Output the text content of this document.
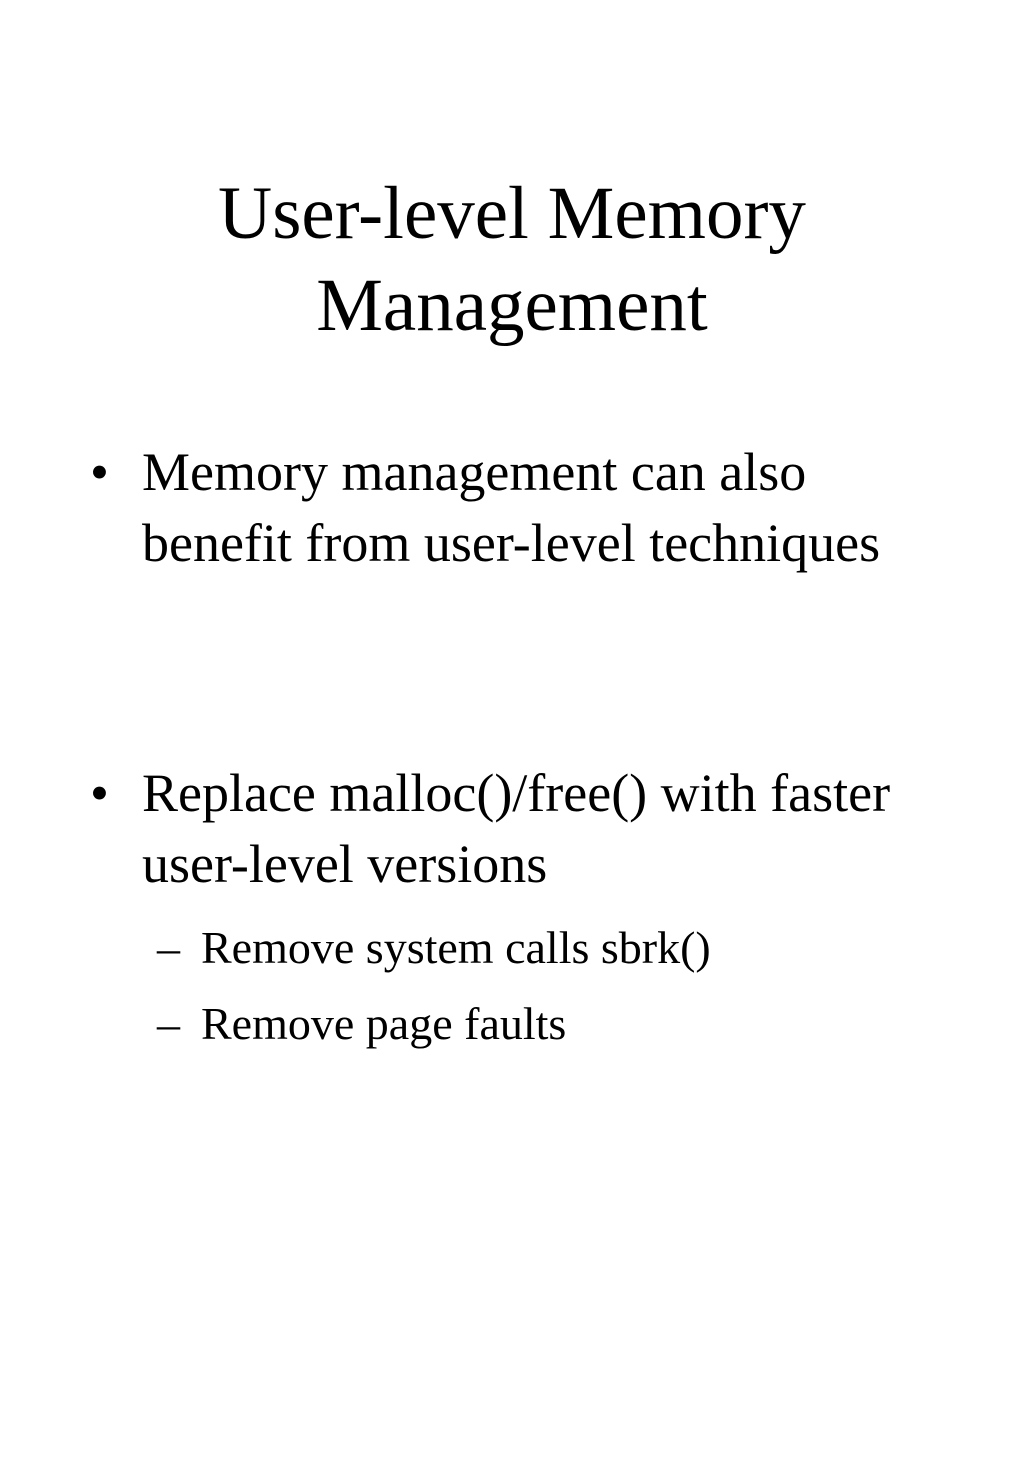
User-level Memory Management
• Memory management can also benefit from user-level techniques
• Replace malloc()/free() with faster user-level versions
– Remove system calls sbrk()
– Remove page faults
